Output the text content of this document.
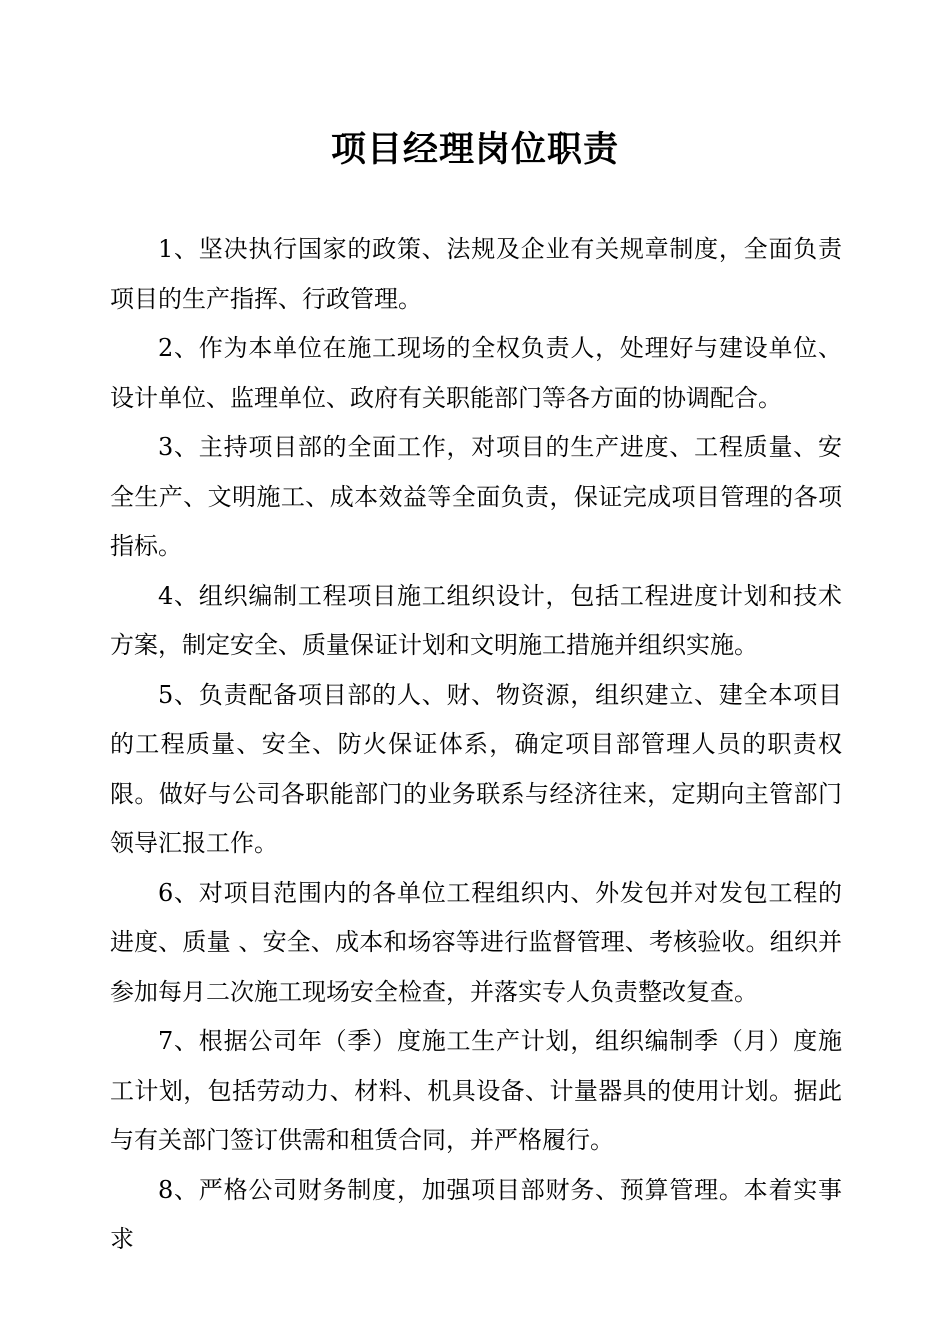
项目经理岗位职责

1、坚决执行国家的政策、法规及企业有关规章制度，全面负责项目的生产指挥、行政管理。

2、作为本单位在施工现场的全权负责人，处理好与建设单位、设计单位、监理单位、政府有关职能部门等各方面的协调配合。

3、主持项目部的全面工作，对项目的生产进度、工程质量、安全生产、文明施工、成本效益等全面负责，保证完成项目管理的各项指标。

4、组织编制工程项目施工组织设计，包括工程进度计划和技术方案，制定安全、质量保证计划和文明施工措施并组织实施。

5、负责配备项目部的人、财、物资源，组织建立、建全本项目的工程质量、安全、防火保证体系，确定项目部管理人员的职责权限。做好与公司各职能部门的业务联系与经济往来，定期向主管部门领导汇报工作。

6、对项目范围内的各单位工程组织内、外发包并对发包工程的进度、质量 、安全、成本和场容等进行监督管理、考核验收。组织并参加每月二次施工现场安全检查，并落实专人负责整改复查。

7、根据公司年（季）度施工生产计划，组织编制季（月）度施工计划，包括劳动力、材料、机具设备、计量器具的使用计划。据此与有关部门签订供需和租赁合同，并严格履行。

8、严格公司财务制度，加强项目部财务、预算管理。本着实事求
